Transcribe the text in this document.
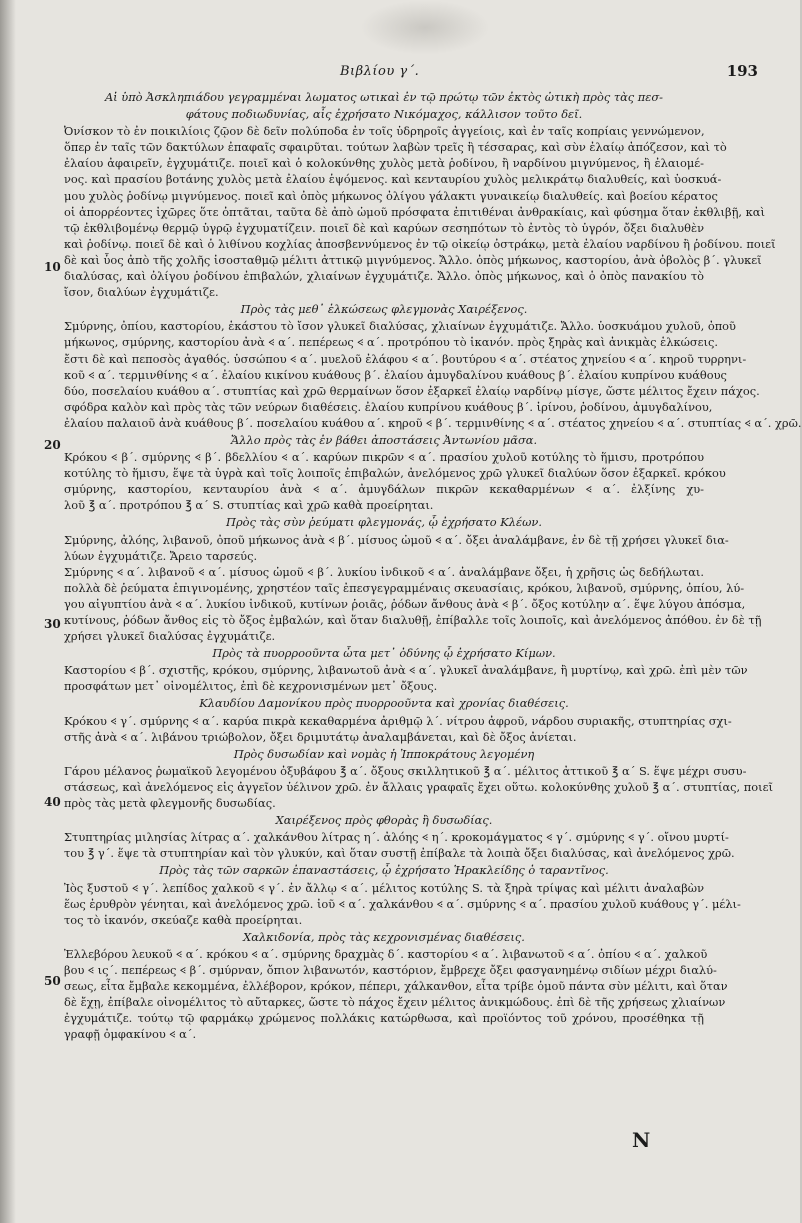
Βιβλίου γ΄.	193
10
20
30
40
50
Αἱ ὑπὸ Ἀσκληπιάδου γεγραμμέναι λωματος ωτικαὶ ἐν τῷ πρώτῳ τῶν ἐκτὸς ὠτικὴ πρὸς τὰς πεσ-
φάτους ποδιωδυνίας, αἷς ἐχρήσατο Νικόμαχος, κάλλισον τοῦτο δεῖ.
Ὀνίσκον τὸ ἐν ποικιλίοις ζῷον δὲ δεῖν πολύποδα ἐν τοῖς ὑδρηροῖς ἀγγείοις, καὶ ἐν ταῖς κοπρίαις γεννώμενον,
ὅπερ ἐν ταῖς τῶν δακτύλων ἐπαφαῖς σφαιρῦται. τούτων λαβὼν τρεῖς ἢ τέσσαρας, καὶ σὺν ἐλαίῳ ἀπόζεσον, καὶ τὸ
ἐλαίου ἀφαιρεῖν, ἐγχυμάτιζε. ποιεῖ καὶ ὁ κολοκύνθης χυλὸς μετὰ ῥοδίνου, ἢ ναρδίνου μιγνύμενος, ἢ ἐλαιομέ-
νος. καὶ πρασίου βοτάνης χυλὸς μετὰ ἐλαίου ἑψόμενος. καὶ κενταυρίου χυλὸς μελικράτῳ διαλυθείς, καὶ ὑοσκυά-
μου χυλὸς ῥοδίνῳ μιγνύμενος. ποιεῖ καὶ ὀπὸς μήκωνος ὀλίγου γάλακτι γυναικείῳ διαλυθείς. καὶ βοείου κέρατος
οἱ ἀπορρέοντες ἰχῶρες ὅτε ὀπτᾶται, ταῦτα δὲ ἀπὸ ὠμοῦ πρόσφατα ἐπιτιθέναι ἀνθρακίαις, καὶ φύσημα ὅταν ἐκθλιβῇ, καὶ
τῷ ἐκθλιβομένῳ θερμῷ ὑγρῷ ἐγχυματίζειν. ποιεῖ δὲ καὶ καρύων σεσηπότων τὸ ἐντὸς τὸ ὑγρόν, ὄξει διαλυθὲν
καὶ ῥοδίνῳ. ποιεῖ δὲ καὶ ὁ λιθίνου κοχλίας ἀποσβεννύμενος ἐν τῷ οἰκείῳ ὀστράκῳ, μετὰ ἐλαίου ναρδίνου ἢ ῥοδίνου. ποιεῖ
δὲ καὶ ὗος ἀπὸ τῆς χολῆς ἰσοσταθμῷ μέλιτι ἀττικῷ μιγνύμενος. Ἄλλο. ὀπὸς μήκωνος, καστορίου, ἀνὰ ὀβολὸς β΄. γλυκεῖ
διαλύσας, καὶ ὀλίγου ῥοδίνου ἐπιβαλών, χλιαίνων ἐγχυμάτιζε. Ἄλλο. ὀπὸς μήκωνος, καὶ ὁ ὀπὸς πανακίου τὸ
ἴσον, διαλύων ἐγχυμάτιζε.
Πρὸς τὰς μεθ᾽ ἑλκώσεως φλεγμονὰς Χαιρέξενος.
Σμύρνης, ὀπίου, καστορίου, ἑκάστου τὸ ἴσον γλυκεῖ διαλύσας, χλιαίνων ἐγχυμάτιζε. Ἄλλο. ὑοσκυάμου χυλοῦ, ὀποῦ
μήκωνος, σμύρνης, καστορίου ἀνὰ 𐅻 α΄. πεπέρεως 𐅻 α΄. προτρόπου τὸ ἱκανόν. πρὸς ξηρὰς καὶ ἀνικμὰς ἑλκώσεις.
ἔστι δὲ καὶ πεποσὸς ἀγαθός. ὑσσώπου 𐅻 α΄. μυελοῦ ἐλάφου 𐅻 α΄. βουτύρου 𐅻 α΄. στέατος χηνείου 𐅻 α΄. κηροῦ τυρρηνι-
κοῦ 𐅻 α΄. τερμινθίνης 𐅻 α΄. ἐλαίου κικίνου κυάθους β΄. ἐλαίου ἀμυγδαλίνου κυάθους β΄. ἐλαίου κυπρίνου κυάθους
δύο, ποσελαίου κυάθου α΄. στυπτίας καὶ χρῶ θερμαίνων ὅσον ἐξαρκεῖ ἐλαίῳ ναρδίνῳ μίσγε, ὥστε μέλιτος ἔχειν πάχος.
σφόδρα καλὸν καὶ πρὸς τὰς τῶν νεύρων διαθέσεις. ἐλαίου κυπρίνου κυάθους β΄. ἰρίνου, ῥοδίνου, ἀμυγδαλίνου,
ἐλαίου παλαιοῦ ἀνὰ κυάθους β΄. ποσελαίου κυάθου α΄. κηροῦ 𐅻 β΄. τερμινθίνης 𐅻 α΄. στέατος χηνείου 𐅻 α΄. στυπτίας 𐅻 α΄. χρῶ.
Ἄλλο πρὸς τὰς ἐν βάθει ἀποστάσεις Ἀντωνίου μᾶσα.
Κρόκου 𐅻 β΄. σμύρνης 𐅻 β΄. βδελλίου 𐅻 α΄. καρύων πικρῶν 𐅻 α΄. πρασίου χυλοῦ κοτύλης τὸ ἥμισυ, προτρόπου
κοτύλης τὸ ἥμισυ, ἕψε τὰ ὑγρὰ καὶ τοῖς λοιποῖς ἐπιβαλών, ἀνελόμενος χρῶ γλυκεῖ διαλύων ὅσον ἐξαρκεῖ. κρόκου
σμύρνης, καστορίου, κενταυρίου ἀνὰ 𐅻 α΄. ἀμυγδάλων πικρῶν κεκαθαρμένων 𐅻 α΄. ἐλξίνης χυ-
λοῦ ℥ α΄. προτρόπου ℥ α΄ S. στυπτίας καὶ χρῶ καθὰ προείρηται.
Πρὸς τὰς σὺν ῥεύματι φλεγμονάς, ᾧ ἐχρήσατο Κλέων.
Σμύρνης, ἀλόης, λιβανοῦ, ὀποῦ μήκωνος ἀνὰ 𐅻 β΄. μίσυος ὠμοῦ 𐅻 α΄. ὄξει ἀναλάμβανε, ἐν δὲ τῇ χρήσει γλυκεῖ δια-
λύων ἐγχυμάτιζε. Ἄρειο ταρσεύς.
Σμύρνης 𐅻 α΄. λιβανοῦ 𐅻 α΄. μίσυος ὠμοῦ 𐅻 β΄. λυκίου ἰνδικοῦ 𐅻 α΄. ἀναλάμβανε ὄξει, ἡ χρῆσις ὡς δεδήλωται.
πολλὰ δὲ ῥεύματα ἐπιγινομένης, χρηστέον ταῖς ἐπεσγεγραμμέναις σκευασίαις, κρόκου, λιβανοῦ, σμύρνης, ὀπίου, λύ-
γου αἰγυπτίου ἀνὰ 𐅻 α΄. λυκίου ἰνδικοῦ, κυτίνων ῥοιᾶς, ῥόδων ἄνθους ἀνὰ 𐅻 β΄. ὄξος κοτύλην α΄. ἕψε λύγου ἀπόσμα,
κυτίνους, ῥόδων ἄνθος εἰς τὸ ὄξος ἐμβαλών, καὶ ὅταν διαλυθῇ, ἐπίβαλλε τοῖς λοιποῖς, καὶ ἀνελόμενος ἀπόθου. ἐν δὲ τῇ
χρήσει γλυκεῖ διαλύσας ἐγχυμάτιζε.
Πρὸς τὰ πυορροοῦντα ὦτα μετ᾽ ὀδύνης ᾧ ἐχρήσατο Κίμων.
Καστορίου 𐅻 β΄. σχιστῆς, κρόκου, σμύρνης, λιβανωτοῦ ἀνὰ 𐅻 α΄. γλυκεῖ ἀναλάμβανε, ἢ μυρτίνῳ, καὶ χρῶ. ἐπὶ μὲν τῶν
προσφάτων μετ᾽ οἰνομέλιτος, ἐπὶ δὲ κεχρονισμένων μετ᾽ ὄξους.
Κλαυδίου Δαμονίκου πρὸς πυορροοῦντα καὶ χρονίας διαθέσεις.
Κρόκου 𐅻 γ΄. σμύρνης 𐅻 α΄. καρύα πικρὰ κεκαθαρμένα ἀριθμῷ λ΄. νίτρου ἀφροῦ, νάρδου συριακῆς, στυπτηρίας σχι-
στῆς ἀνὰ 𐅻 α΄. λιβάνου τριώβολον, ὄξει δριμυτάτῳ ἀναλαμβάνεται, καὶ δὲ ὄξος ἀνίεται.
Πρὸς δυσωδίαν καὶ νομὰς ἡ Ἰπποκράτους λεγομένη
Γάρου μέλανος ῥωμαϊκοῦ λεγομένου ὀξυβάφου ℥ α΄. ὄξους σκιλλητικοῦ ℥ α΄. μέλιτος ἀττικοῦ ℥ α΄ S. ἕψε μέχρι συσυ-
στάσεως, καὶ ἀνελόμενος εἰς ἀγγεῖον ὑέλινον χρῶ. ἐν ἄλλαις γραφαῖς ἔχει οὕτω. κολοκύνθης χυλοῦ ℥ α΄. στυπτίας, ποιεῖ
πρὸς τὰς μετὰ φλεγμονῆς δυσωδίας.
Χαιρέξενος πρὸς φθορὰς ἢ δυσωδίας.
Στυπτηρίας μιλησίας λίτρας α΄. χαλκάνθου λίτρας η΄. ἀλόης 𐅻 η΄. κροκομάγματος 𐅻 γ΄. σμύρνης 𐅻 γ΄. οἴνου μυρτί-
του ℥ γ΄. ἕψε τὰ στυπτηρίαν καὶ τὸν γλυκύν, καὶ ὅταν συστῇ ἐπίβαλε τὰ λοιπὰ ὄξει διαλύσας, καὶ ἀνελόμενος χρῶ.
Πρὸς τὰς τῶν σαρκῶν ἐπαναστάσεις, ᾧ ἐχρήσατο Ἡρακλείδης ὁ ταραντῖνος.
Ἰὸς ξυστοῦ 𐅻 γ΄. λεπίδος χαλκοῦ 𐅻 γ΄. ἐν ἄλλῳ 𐅻 α΄. μέλιτος κοτύλης S. τὰ ξηρὰ τρίψας καὶ μέλιτι ἀναλαβὼν
ἕως ἐρυθρὸν γένηται, καὶ ἀνελόμενος χρῶ. ἰοῦ 𐅻 α΄. χαλκάνθου 𐅻 α΄. σμύρνης 𐅻 α΄. πρασίου χυλοῦ κυάθους γ΄. μέλι-
τος τὸ ἱκανόν, σκεύαζε καθὰ προείρηται.
Χαλκιδονία, πρὸς τὰς κεχρονισμένας διαθέσεις.
Ἐλλεβόρου λευκοῦ 𐅻 α΄. κρόκου 𐅻 α΄. σμύρνης δραχμὰς δ΄. καστορίου 𐅻 α΄. λιβανωτοῦ 𐅻 α΄. ὀπίου 𐅻 α΄. χαλκοῦ
βου 𐅻 ις΄. πεπέρεως 𐅻 β΄. σμύρναν, ὄπιον λιβανωτόν, καστόριον, ἔμβρεχε ὄξει φασγανημένῳ σιδίων μέχρι διαλύ-
σεως, εἶτα ἔμβαλε κεκομμένα, ἐλλέβορον, κρόκον, πέπερι, χάλκανθον, εἶτα τρίβε ὁμοῦ πάντα σὺν μέλιτι, καὶ ὅταν
δὲ ἔχῃ, ἐπίβαλε οἰνομέλιτος τὸ αὔταρκες, ὥστε τὸ πάχος ἔχειν μέλιτος ἀνικμώδους. ἐπὶ δὲ τῆς χρήσεως χλιαίνων
ἐγχυμάτιζε. τούτῳ τῷ φαρμάκῳ χρώμενος πολλάκις κατώρθωσα, καὶ προϊόντος τοῦ χρόνου, προσέθηκα τῇ
γραφῇ ὀμφακίνου 𐅻 α΄.
N
